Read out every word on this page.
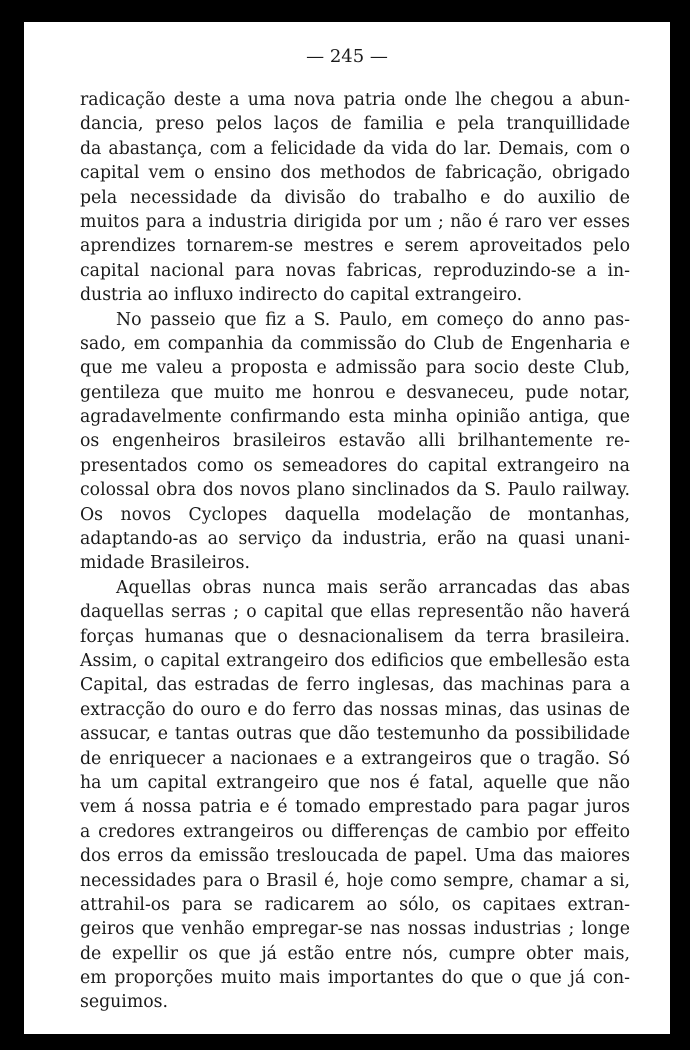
— 245 —
radicação deste a uma nova patria onde lhe chegou a abun-
dancia, preso pelos laços de familia e pela tranquillidade
da abastança, com a felicidade da vida do lar. Demais, com o
capital vem o ensino dos methodos de fabricação, obrigado
pela necessidade da divisão do trabalho e do auxilio de
muitos para a industria dirigida por um ; não é raro ver esses
aprendizes tornarem-se mestres e serem aproveitados pelo
capital nacional para novas fabricas, reproduzindo-se a in-
dustria ao influxo indirecto do capital extrangeiro.
No passeio que fiz a S. Paulo, em começo do anno pas-
sado, em companhia da commissão do Club de Engenharia e
que me valeu a proposta e admissão para socio deste Club,
gentileza que muito me honrou e desvaneceu, pude notar,
agradavelmente confirmando esta minha opinião antiga, que
os engenheiros brasileiros estavão alli brilhantemente re-
presentados como os semeadores do capital extrangeiro na
colossal obra dos novos plano sinclinados da S. Paulo railway.
Os novos Cyclopes daquella modelação de montanhas,
adaptando-as ao serviço da industria, erão na quasi unani-
midade Brasileiros.
Aquellas obras nunca mais serão arrancadas das abas
daquellas serras ; o capital que ellas representão não haverá
forças humanas que o desnacionalisem da terra brasileira.
Assim, o capital extrangeiro dos edificios que embellesão esta
Capital, das estradas de ferro inglesas, das machinas para a
extracção do ouro e do ferro das nossas minas, das usinas de
assucar, e tantas outras que dão testemunho da possibilidade
de enriquecer a nacionaes e a extrangeiros que o tragão. Só
ha um capital extrangeiro que nos é fatal, aquelle que não
vem á nossa patria e é tomado emprestado para pagar juros
a credores extrangeiros ou differenças de cambio por effeito
dos erros da emissão tresloucada de papel. Uma das maiores
necessidades para o Brasil é, hoje como sempre, chamar a si,
attrahil-os para se radicarem ao sólo, os capitaes extran-
geiros que venhão empregar-se nas nossas industrias ; longe
de expellir os que já estão entre nós, cumpre obter mais,
em proporções muito mais importantes do que o que já con-
seguimos.
